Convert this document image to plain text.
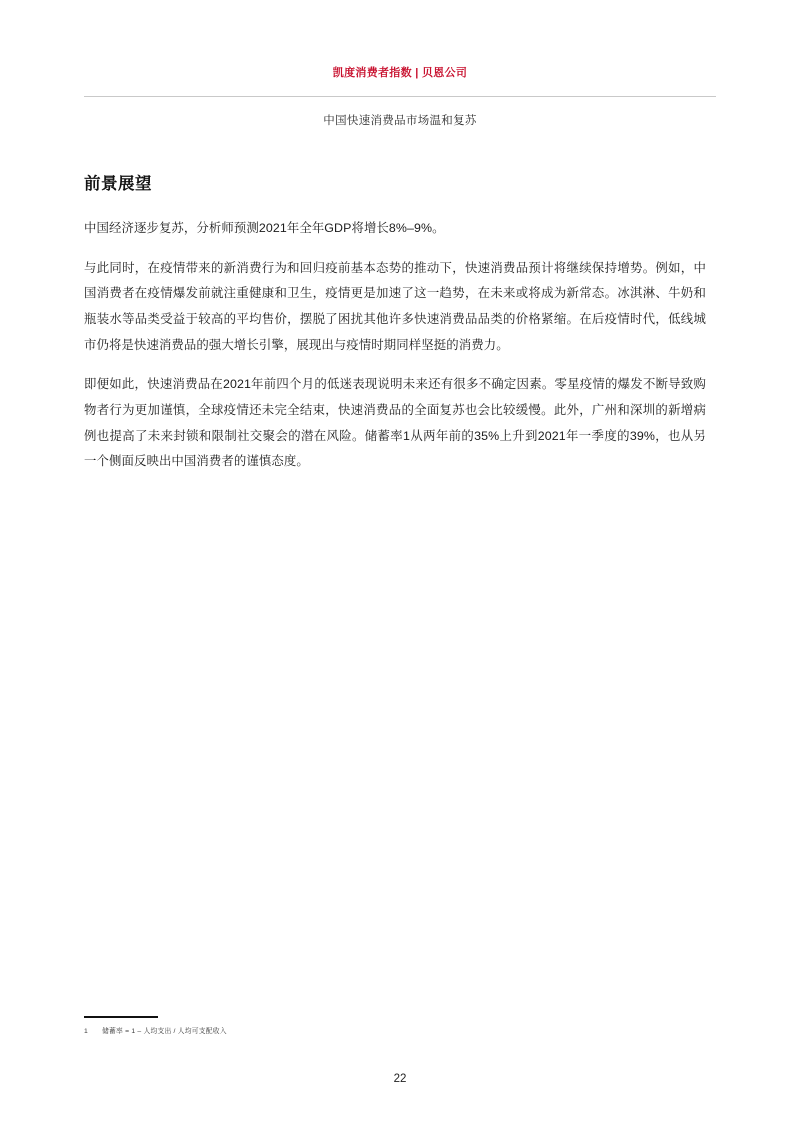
凯度消费者指数 | 贝恩公司
中国快速消费品市场温和复苏
前景展望

中国经济逐步复苏，分析师预测2021年全年GDP将增长8%–9%。

与此同时，在疫情带来的新消费行为和回归疫前基本态势的推动下，快速消费品预计将继续保持增势。例如，中国消费者在疫情爆发前就注重健康和卫生，疫情更是加速了这一趋势，在未来或将成为新常态。冰淇淋、牛奶和瓶装水等品类受益于较高的平均售价，摆脱了困扰其他许多快速消费品品类的价格紧缩。在后疫情时代，低线城市仍将是快速消费品的强大增长引擎，展现出与疫情时期同样坚挺的消费力。

即便如此，快速消费品在2021年前四个月的低迷表现说明未来还有很多不确定因素。零星疫情的爆发不断导致购物者行为更加谨慎，全球疫情还未完全结束，快速消费品的全面复苏也会比较缓慢。此外，广州和深圳的新增病例也提高了未来封锁和限制社交聚会的潜在风险。储蓄率1从两年前的35%上升到2021年一季度的39%，也从另一个侧面反映出中国消费者的谨慎态度。

1 储蓄率 = 1 – 人均支出 / 人均可支配收入
22
